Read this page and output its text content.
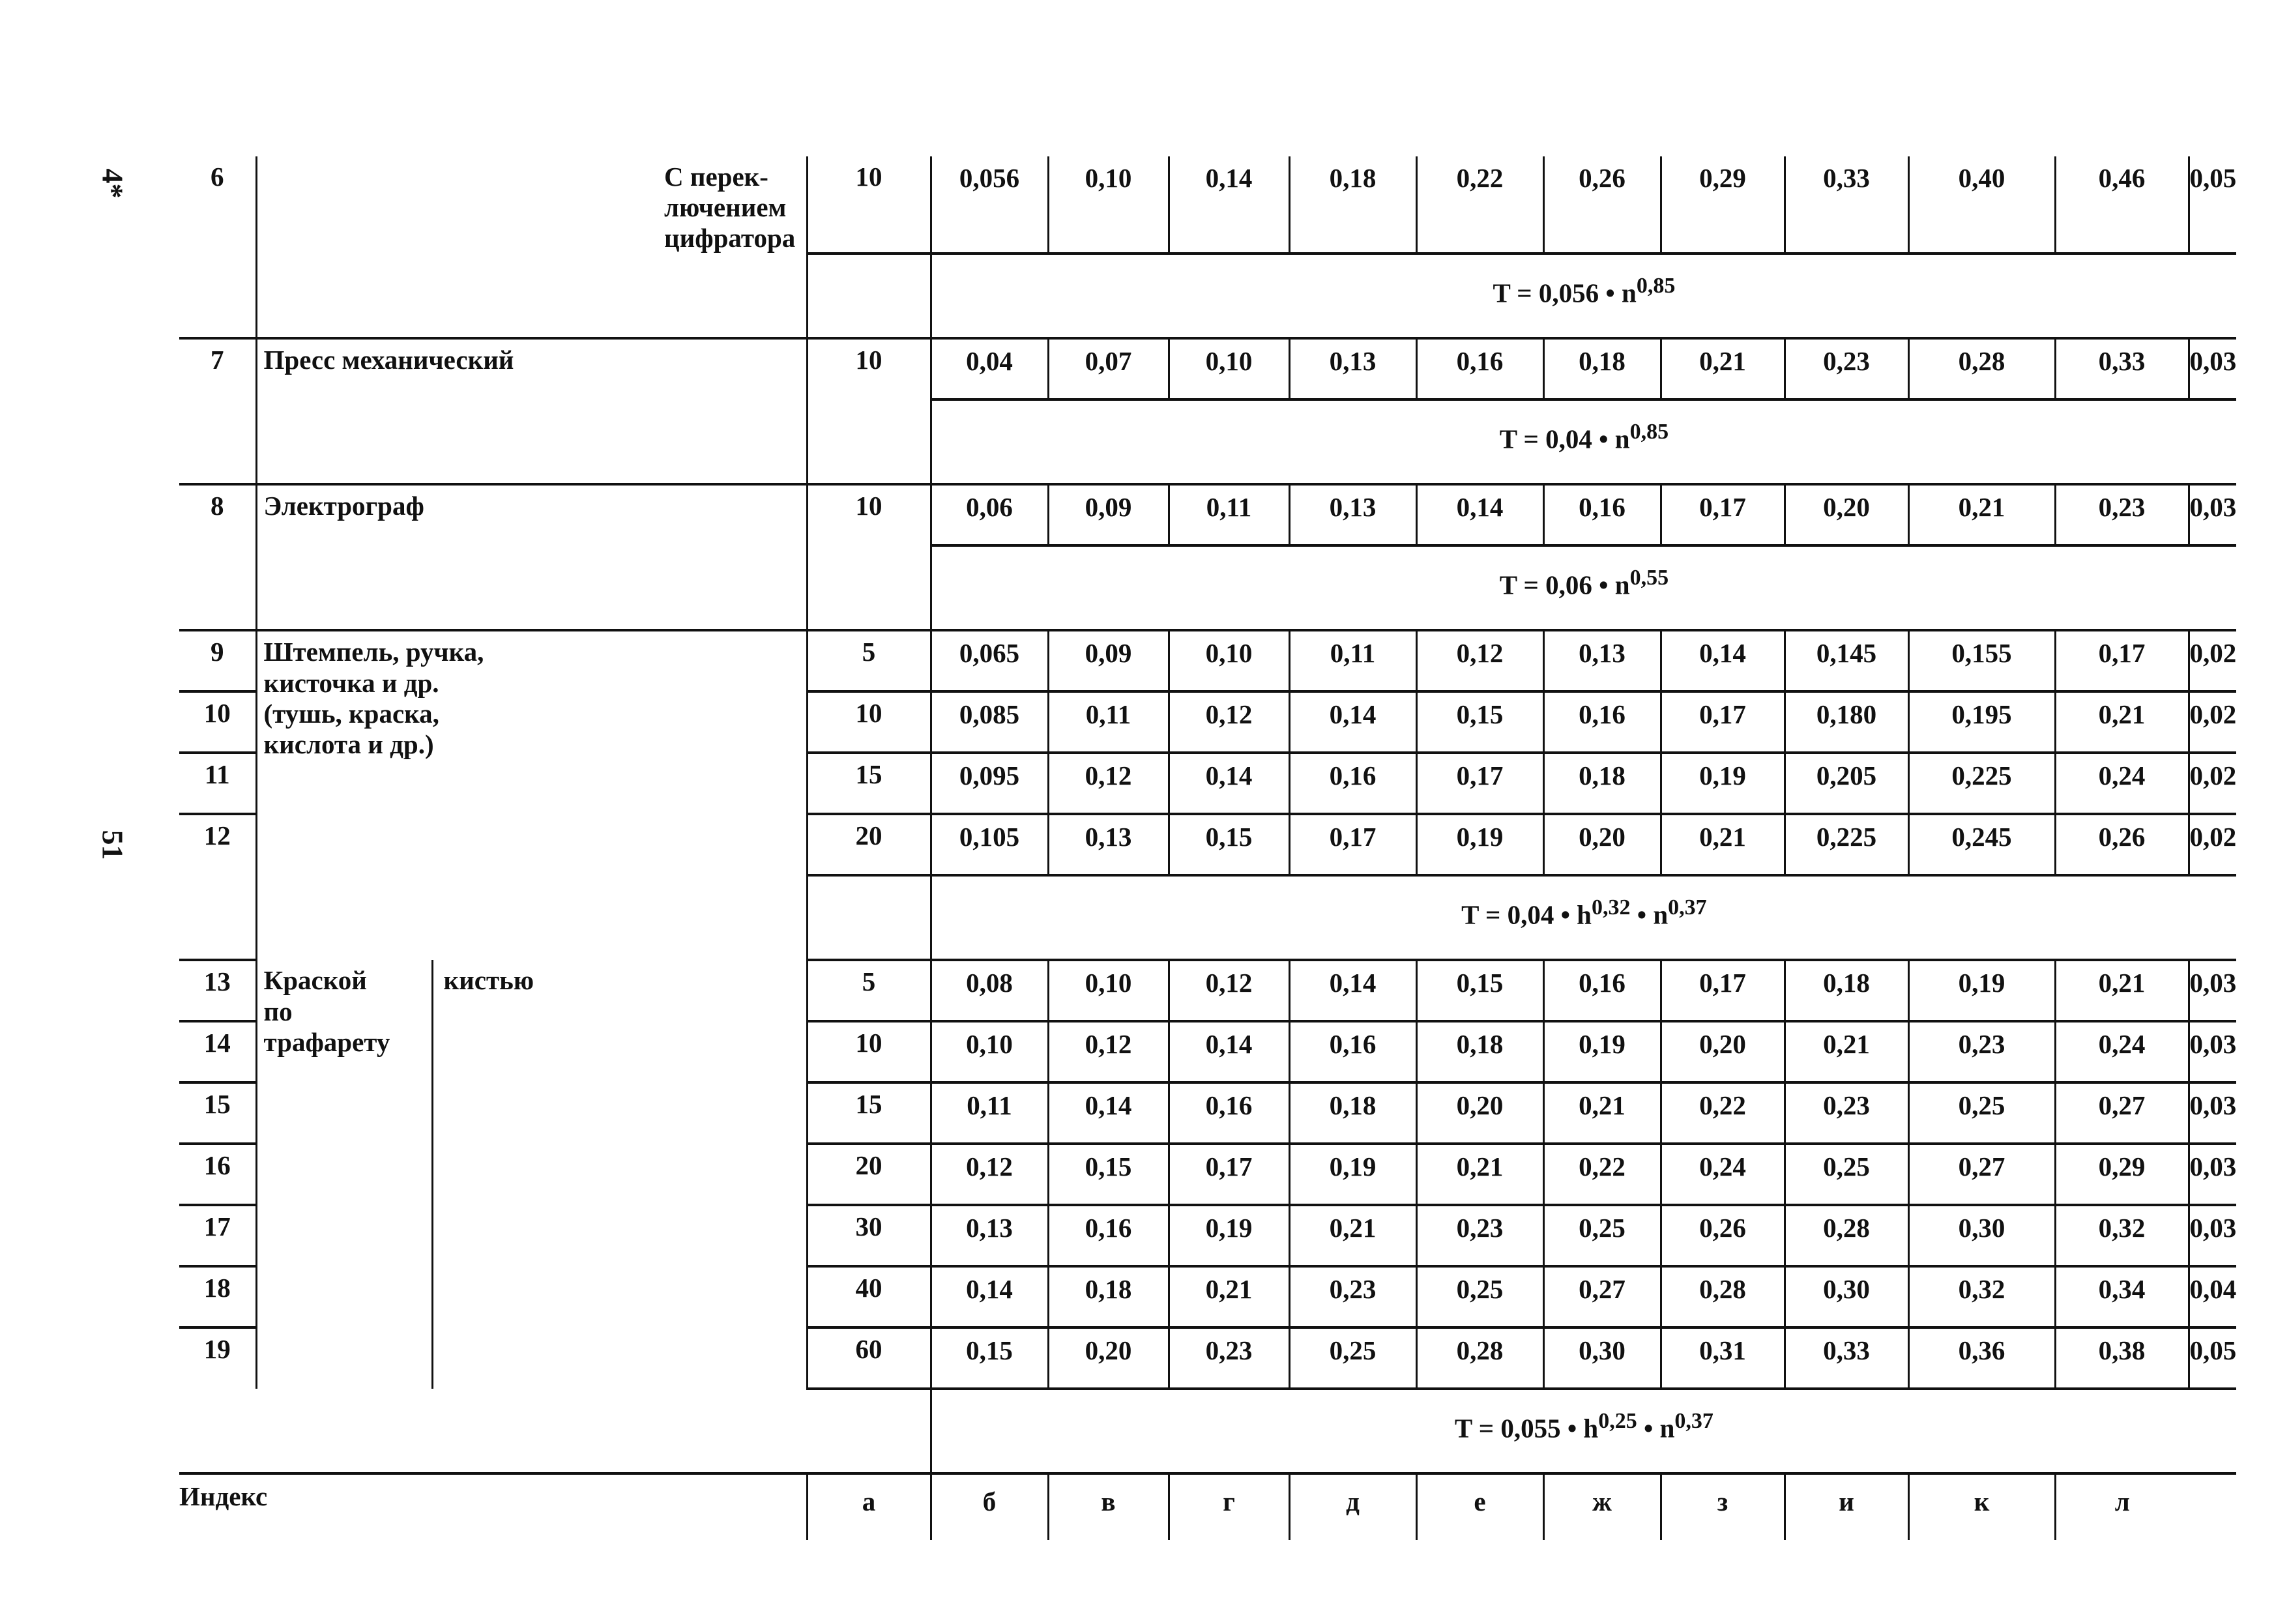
4*
51
6			С перек-
лючением
цифратора	10	0,056	0,10	0,14	0,18	0,22	0,26	0,29	0,33	0,40	0,46	0,05
					T = 0,056 • $n^{0,85}$
7	Пресс механический			10	0,04	0,07	0,10	0,13	0,16	0,18	0,21	0,23	0,28	0,33	0,03
					T = 0,04 • $n^{0,85}$
8	Электрограф			10	0,06	0,09	0,11	0,13	0,14	0,16	0,17	0,20	0,21	0,23	0,03
					T = 0,06 • $n^{0,55}$
9	Штемпель, ручка,
кисточка и др.
(тушь, краска,
кислота и др.)			5	0,065	0,09	0,10	0,11	0,12	0,13	0,14	0,145	0,155	0,17	0,02
10				10	0,085	0,11	0,12	0,14	0,15	0,16	0,17	0,180	0,195	0,21	0,02
11				15	0,095	0,12	0,14	0,16	0,17	0,18	0,19	0,205	0,225	0,24	0,02
12				20	0,105	0,13	0,15	0,17	0,19	0,20	0,21	0,225	0,245	0,26	0,02
					T = 0,04 • $h^{0,32}$ • $n^{0,37}$
13	Краской
по
трафарету	кистью		5	0,08	0,10	0,12	0,14	0,15	0,16	0,17	0,18	0,19	0,21	0,03
14				10	0,10	0,12	0,14	0,16	0,18	0,19	0,20	0,21	0,23	0,24	0,03
15				15	0,11	0,14	0,16	0,18	0,20	0,21	0,22	0,23	0,25	0,27	0,03
16				20	0,12	0,15	0,17	0,19	0,21	0,22	0,24	0,25	0,27	0,29	0,03
17				30	0,13	0,16	0,19	0,21	0,23	0,25	0,26	0,28	0,30	0,32	0,03
18				40	0,14	0,18	0,21	0,23	0,25	0,27	0,28	0,30	0,32	0,34	0,04
19				60	0,15	0,20	0,23	0,25	0,28	0,30	0,31	0,33	0,36	0,38	0,05
					T = 0,055 • $h^{0,25}$ • $n^{0,37}$
Индекс				а	б	в	г	д	е	ж	з	и	к	л	
